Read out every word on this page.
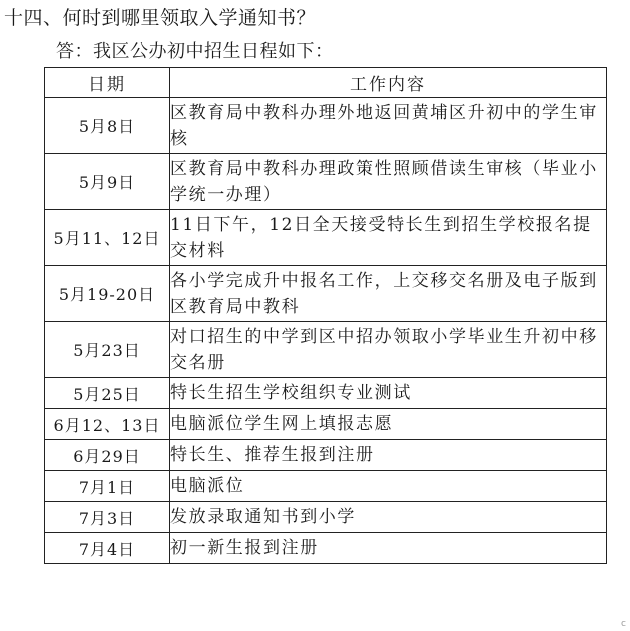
十四、何时到哪里领取入学通知书？
答：我区公办初中招生日程如下：
日期	工作内容
5月8日	区教育局中教科办理外地返回黄埔区升初中的学生审核
5月9日	区教育局中教科办理政策性照顾借读生审核（毕业小学统一办理）
5月11、12日	11日下午，12日全天接受特长生到招生学校报名提交材料
5月19-20日	各小学完成升中报名工作，上交移交名册及电子版到区教育局中教科
5月23日	对口招生的中学到区中招办领取小学毕业生升初中移交名册
5月25日	特长生招生学校组织专业测试
6月12、13日	电脑派位学生网上填报志愿
6月29日	特长生、推荐生报到注册
7月1日	电脑派位
7月3日	发放录取通知书到小学
7月4日	初一新生报到注册
c
